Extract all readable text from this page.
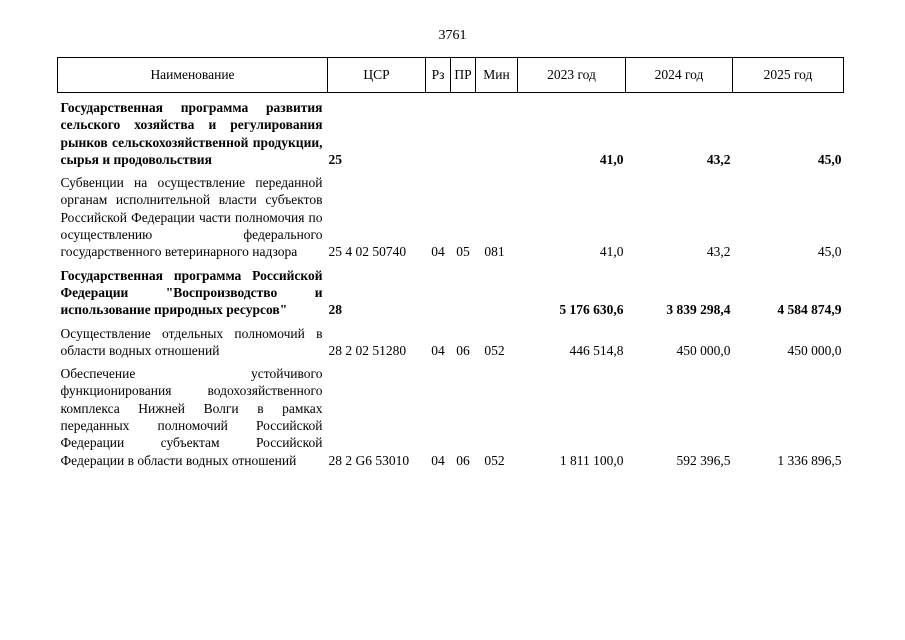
3761
Наименование	ЦСР	Рз	ПР	Мин	2023 год	2024 год	2025 год

Государственная программа развития сельского хозяйства и регулирования рынков сельскохозяйственной продукции, сырья и продовольствия	25				41,0	43,2	45,0

Субвенции на осуществление переданной органам исполнительной власти субъектов Российской Федерации части полномочия по осуществлению федерального государственного ветеринарного надзора	25 4 02 50740	04	05	081	41,0	43,2	45,0

Государственная программа Российской Федерации "Воспроизводство и использование природных ресурсов"	28				5 176 630,6	3 839 298,4	4 584 874,9

Осуществление отдельных полномочий в области водных отношений	28 2 02 51280	04	06	052	446 514,8	450 000,0	450 000,0

Обеспечение устойчивого функционирования водохозяйственного комплекса Нижней Волги в рамках переданных полномочий Российской Федерации субъектам Российской Федерации в области водных отношений	28 2 G6 53010	04	06	052	1 811 100,0	592 396,5	1 336 896,5
